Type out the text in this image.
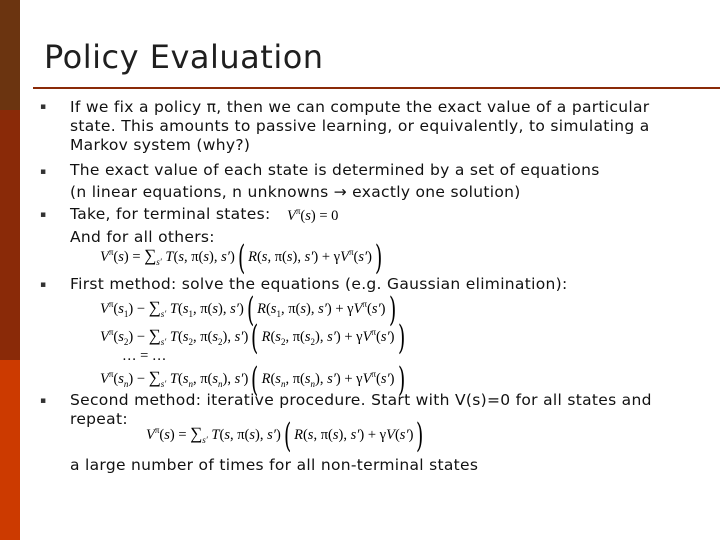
Policy Evaluation
▪ If we fix a policy π, then we can compute the exact value of a particular
state. This amounts to passive learning, or equivalently, to simulating a
Markov system (why?)
▪ The exact value of each state is determined by a set of equations
(n linear equations, n unknowns → exactly one solution)
▪ Take, for terminal states:
And for all others:
$V^\pi(s) = 0$
$V^\pi(s) = \sum_{s'}$ T(s, π(s), s′)( R(s, π(s), $s') + \gamma V^\pi(s')$)
▪ First method: solve the equations (e.g. Gaussian elimination):
$V^\pi(s_1) - \sum_{s'}$ $T(s_1$, π(s), s′)( $R(s_1$, π(s), $s') + \gamma V^\pi(s')$)
$V^\pi(s_2) - \sum_{s'}$ $T(s_2$, $\pi(s_2)$, s′)( $R(s_2$, $\pi(s_2)$, $s') + \gamma V^\pi(s')$)
… = …
$V^\pi(s_n) - \sum_{s'}$ $T(s_n$, $\pi(s_n)$, s′)( $R(s_n$, $\pi(s_n)$, $s') + \gamma V^\pi(s')$)
▪ Second method: iterative procedure. Start with V(s)=0 for all states and
repeat:
$V^\pi(s) = \sum_{s'}$ T(s, π(s), s′)( R(s, π(s), s′) + γV(s′))
a large number of times for all non-terminal states
